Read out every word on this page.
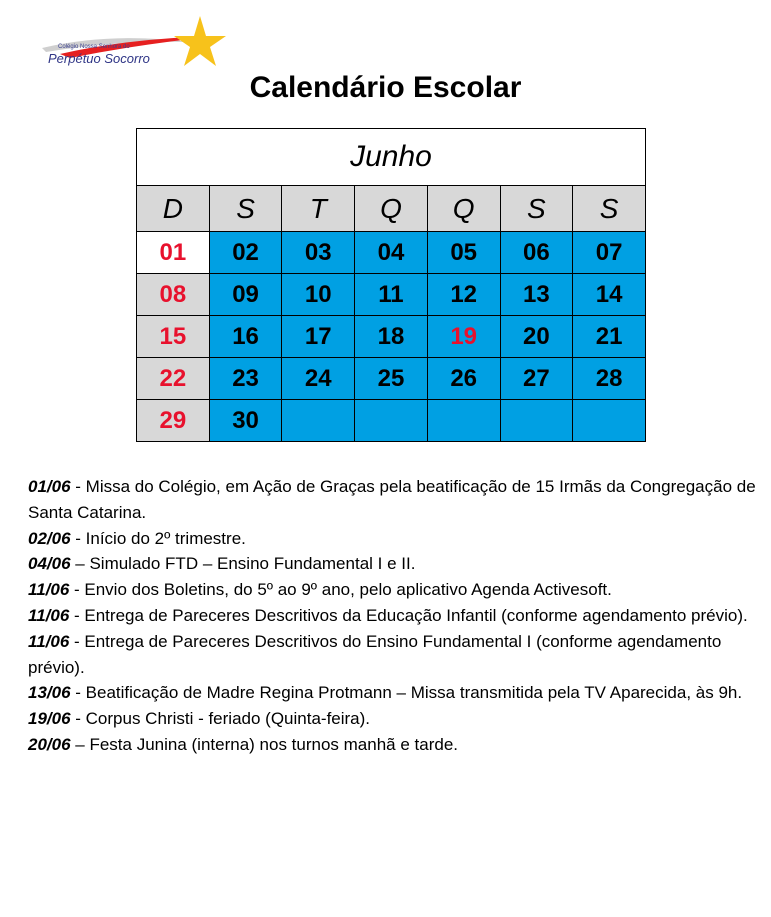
Colégio Nossa Senhora do
Perpétuo Socorro
Calendário Escolar
Junho						
D	S	T	Q	Q	S	S
01	02	03	04	05	06	07
08	09	10	11	12	13	14
15	16	17	18	19	20	21
22	23	24	25	26	27	28
29	30					

01/06 - Missa do Colégio, em Ação de Graças pela beatificação de 15 Irmãs da Congregação de Santa Catarina.

02/06 - Início do 2º trimestre.

04/06 – Simulado FTD – Ensino Fundamental I e II.

11/06 - Envio dos Boletins, do 5º ao 9º ano, pelo aplicativo Agenda Activesoft.

11/06 - Entrega de Pareceres Descritivos da Educação Infantil (conforme agendamento prévio).

11/06 - Entrega de Pareceres Descritivos do Ensino Fundamental I (conforme agendamento prévio).

13/06 - Beatificação de Madre Regina Protmann – Missa transmitida pela TV Aparecida, às 9h.

19/06 - Corpus Christi - feriado (Quinta-feira).

20/06 – Festa Junina (interna) nos turnos manhã e tarde.
